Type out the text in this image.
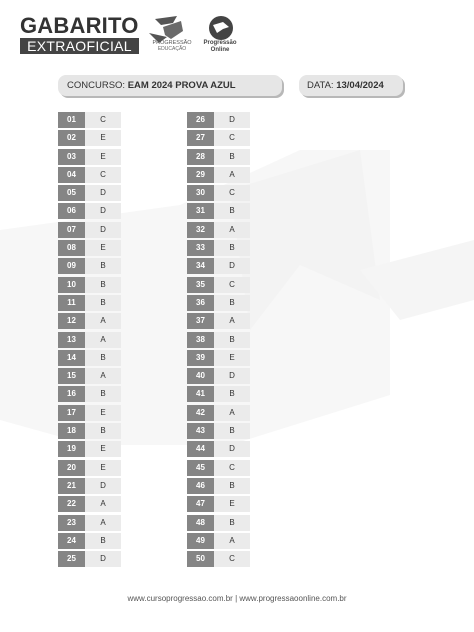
GABARITO
EXTRAOFICIAL	PROGRESSÃO
EDUCAÇÃO
Progressão
Online
CONCURSO: EAM 2024 PROVA AZUL	DATA: 13/04/2024
01	C
02	E
03	E
04	C
05	D
06	D
07	D
08	E
09	B
10	B
11	B
12	A
13	A
14	B
15	A
16	B
17	E
18	B
19	E
20	E
21	D
22	A
23	A
24	B
25	D
26	D
27	C
28	B
29	A
30	C
31	B
32	A
33	B
34	D
35	C
36	B
37	A
38	B
39	E
40	D
41	B
42	A
43	B
44	D
45	C
46	B
47	E
48	B
49	A
50	C
www.cursoprogressao.com.br | www.progressaoonline.com.br
